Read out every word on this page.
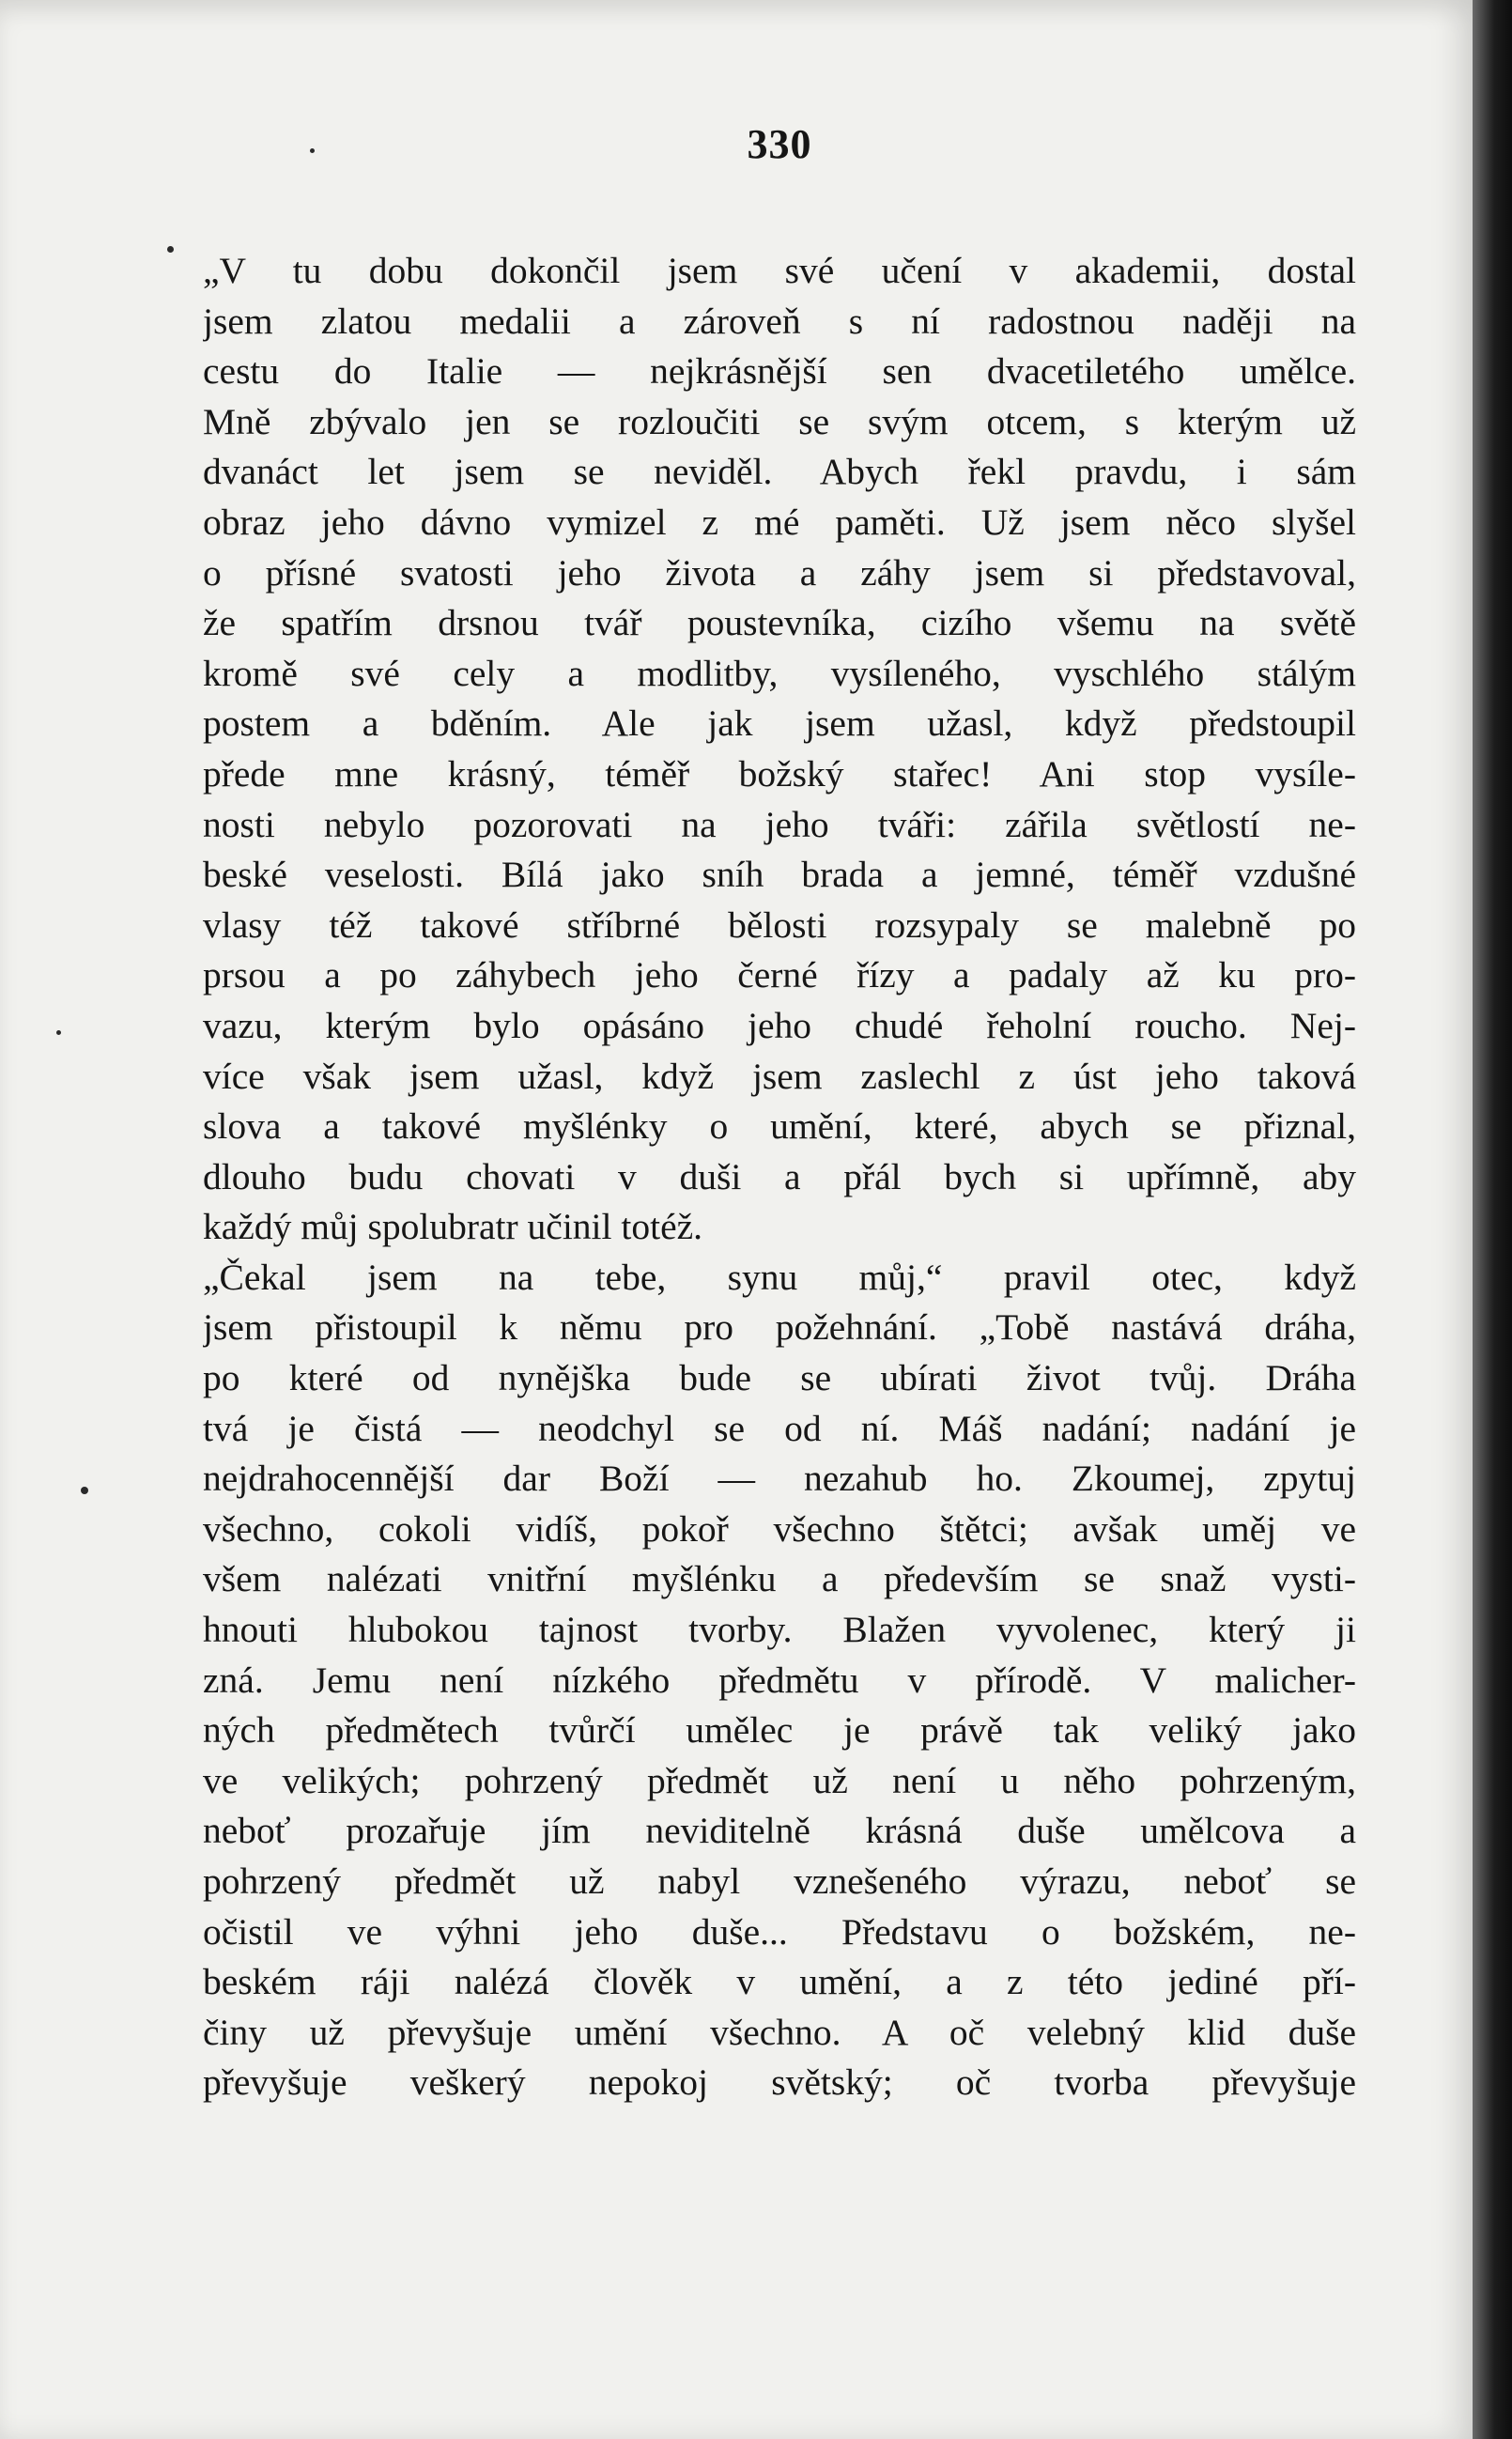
330
„V tu dobu dokončil jsem své učení v akademii, dostal
jsem zlatou medalii a zároveň s ní radostnou naději na
cestu do Italie — nejkrásnější sen dvacetiletého umělce.
Mně zbývalo jen se rozloučiti se svým otcem, s kterým už
dvanáct let jsem se neviděl. Abych řekl pravdu, i sám
obraz jeho dávno vymizel z mé paměti. Už jsem něco slyšel
o přísné svatosti jeho života a záhy jsem si představoval,
že spatřím drsnou tvář poustevníka, cizího všemu na světě
kromě své cely a modlitby, vysíleného, vyschlého stálým
postem a bděním. Ale jak jsem užasl, když předstoupil
přede mne krásný, téměř božský stařec! Ani stop vysíle-
nosti nebylo pozorovati na jeho tváři: zářila světlostí ne-
beské veselosti. Bílá jako sníh brada a jemné, téměř vzdušné
vlasy též takové stříbrné bělosti rozsypaly se malebně po
prsou a po záhybech jeho černé řízy a padaly až ku pro-
vazu, kterým bylo opásáno jeho chudé řeholní roucho. Nej-
více však jsem užasl, když jsem zaslechl z úst jeho taková
slova a takové myšlénky o umění, které, abych se přiznal,
dlouho budu chovati v duši a přál bych si upřímně, aby
každý můj spolubratr učinil totéž.
„Čekal jsem na tebe, synu můj,“ pravil otec, když
jsem přistoupil k němu pro požehnání. „Tobě nastává dráha,
po které od nynějška bude se ubírati život tvůj. Dráha
tvá je čistá — neodchyl se od ní. Máš nadání; nadání je
nejdrahocennější dar Boží — nezahub ho. Zkoumej, zpytuj
všechno, cokoli vidíš, pokoř všechno štětci; avšak uměj ve
všem nalézati vnitřní myšlénku a především se snaž vysti-
hnouti hlubokou tajnost tvorby. Blažen vyvolenec, který ji
zná. Jemu není nízkého předmětu v přírodě. V malicher-
ných předmětech tvůrčí umělec je právě tak veliký jako
ve velikých; pohrzený předmět už není u něho pohrzeným,
neboť prozařuje jím neviditelně krásná duše umělcova a
pohrzený předmět už nabyl vznešeného výrazu, neboť se
očistil ve výhni jeho duše... Představu o božském, ne-
beském ráji nalézá člověk v umění, a z této jediné pří-
činy už převyšuje umění všechno. A oč velebný klid duše
převyšuje veškerý nepokoj světský; oč tvorba převyšuje
